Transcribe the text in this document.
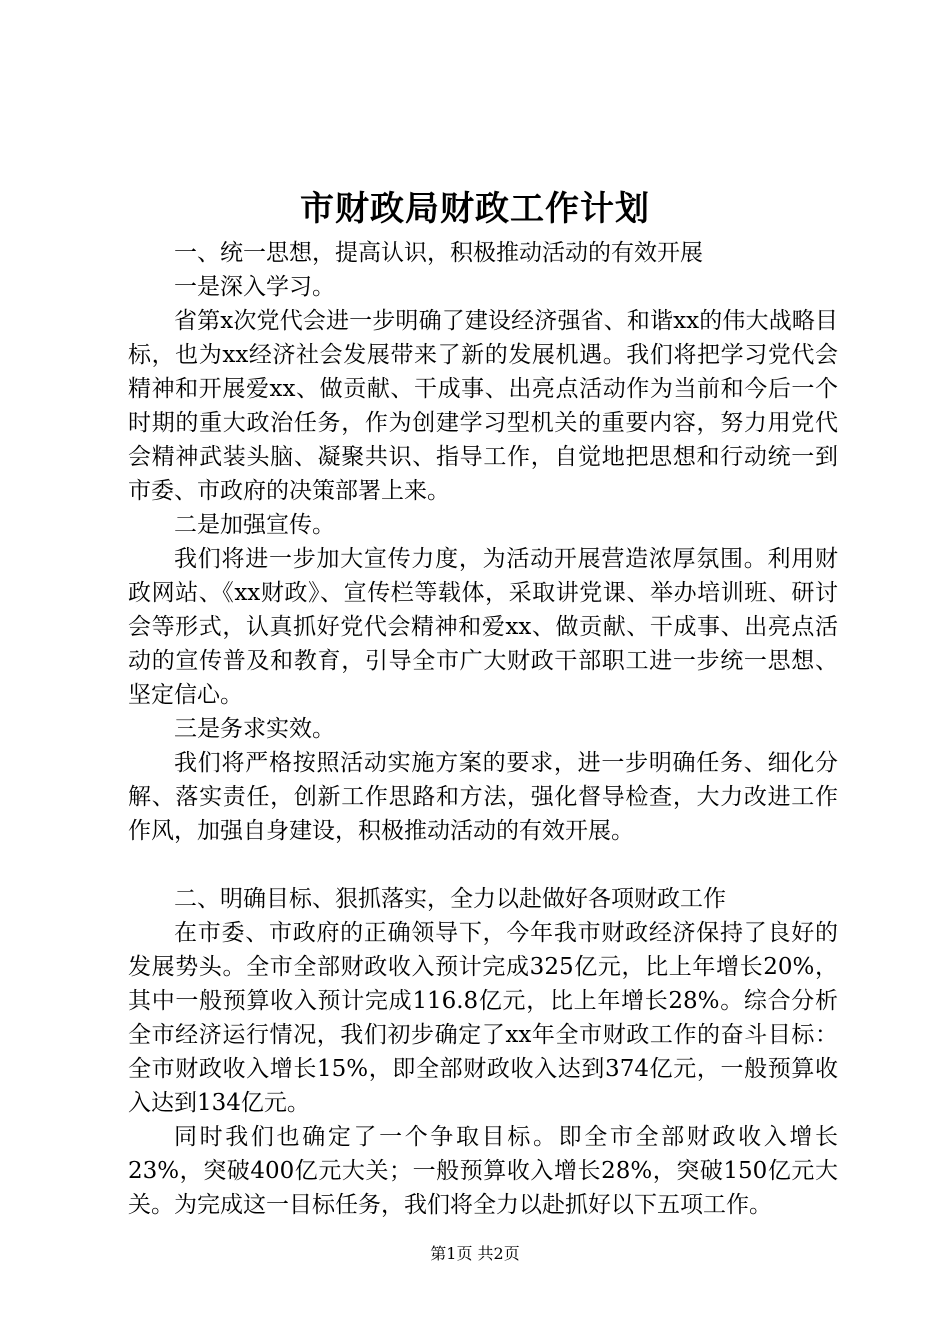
市财政局财政工作计划

一、统一思想，提高认识，积极推动活动的有效开展

一是深入学习。

省第x次党代会进一步明确了建设经济强省、和谐xx的伟大战略目标，也为xx经济社会发展带来了新的发展机遇。我们将把学习党代会精神和开展爱xx、做贡献、干成事、出亮点活动作为当前和今后一个时期的重大政治任务，作为创建学习型机关的重要内容，努力用党代会精神武装头脑、凝聚共识、指导工作，自觉地把思想和行动统一到市委、市政府的决策部署上来。

二是加强宣传。

我们将进一步加大宣传力度，为活动开展营造浓厚氛围。利用财政网站、《xx财政》、宣传栏等载体，采取讲党课、举办培训班、研讨会等形式，认真抓好党代会精神和爱xx、做贡献、干成事、出亮点活动的宣传普及和教育，引导全市广大财政干部职工进一步统一思想、坚定信心。

三是务求实效。

我们将严格按照活动实施方案的要求，进一步明确任务、细化分解、落实责任，创新工作思路和方法，强化督导检查，大力改进工作作风，加强自身建设，积极推动活动的有效开展。

二、明确目标、狠抓落实，全力以赴做好各项财政工作

在市委、市政府的正确领导下，今年我市财政经济保持了良好的发展势头。全市全部财政收入预计完成325亿元，比上年增长20%，其中一般预算收入预计完成116.8亿元，比上年增长28%。综合分析全市经济运行情况，我们初步确定了xx年全市财政工作的奋斗目标：全市财政收入增长15%，即全部财政收入达到374亿元，一般预算收入达到134亿元。

同时我们也确定了一个争取目标。即全市全部财政收入增长23%，突破400亿元大关；一般预算收入增长28%，突破150亿元大关。为完成这一目标任务，我们将全力以赴抓好以下五项工作。

第1页 共2页
